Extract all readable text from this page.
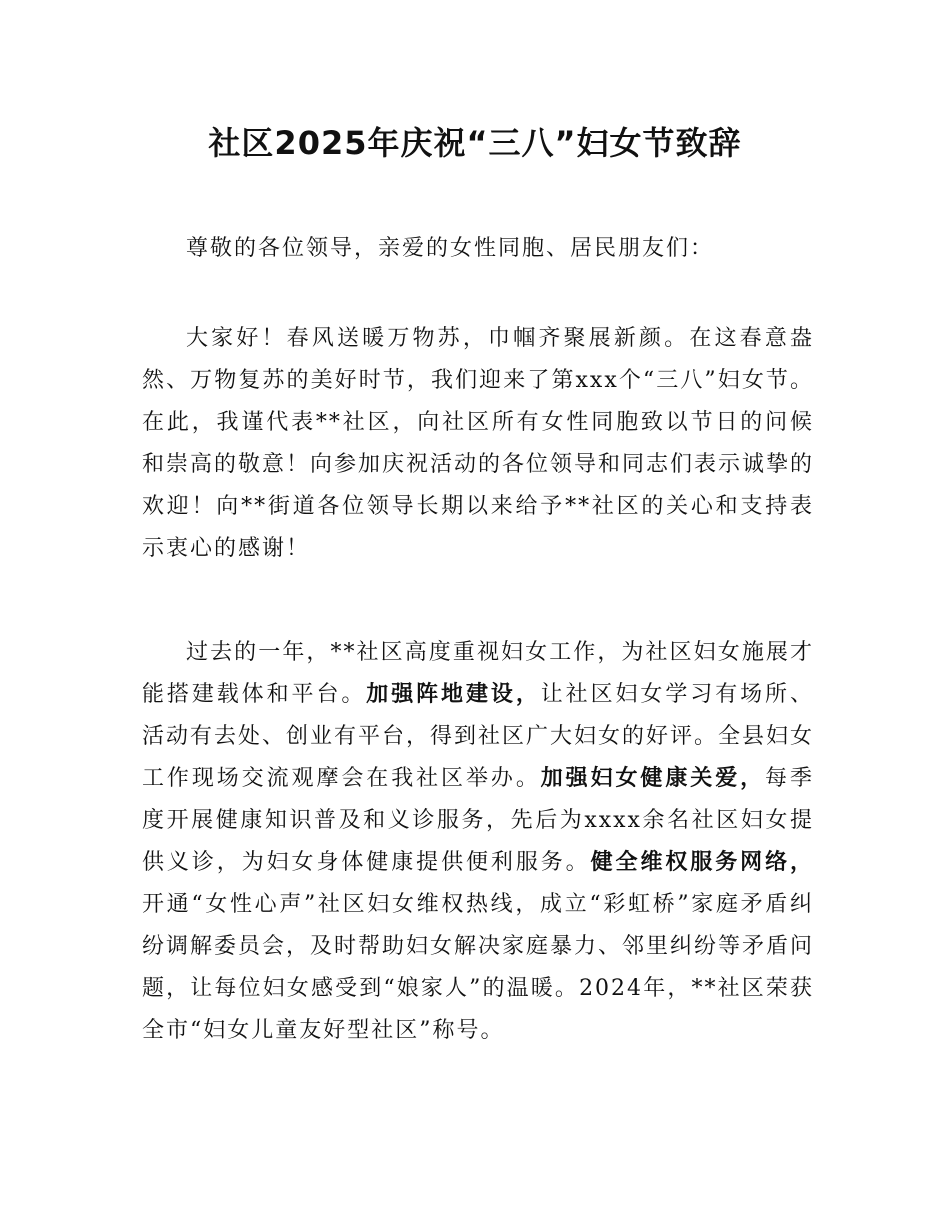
社区2025年庆祝“三八”妇女节致辞

尊敬的各位领导，亲爱的女性同胞、居民朋友们：

大家好！春风送暖万物苏，巾帼齐聚展新颜。在这春意盎然、万物复苏的美好时节，我们迎来了第xxx个“三八”妇女节。在此，我谨代表**社区，向社区所有女性同胞致以节日的问候和崇高的敬意！向参加庆祝活动的各位领导和同志们表示诚挚的欢迎！向**街道各位领导长期以来给予**社区的关心和支持表示衷心的感谢！

过去的一年，**社区高度重视妇女工作，为社区妇女施展才能搭建载体和平台。加强阵地建设，让社区妇女学习有场所、活动有去处、创业有平台，得到社区广大妇女的好评。全县妇女工作现场交流观摩会在我社区举办。加强妇女健康关爱，每季度开展健康知识普及和义诊服务，先后为xxxx余名社区妇女提供义诊，为妇女身体健康提供便利服务。健全维权服务网络，开通“女性心声”社区妇女维权热线，成立“彩虹桥”家庭矛盾纠纷调解委员会，及时帮助妇女解决家庭暴力、邻里纠纷等矛盾问题，让每位妇女感受到“娘家人”的温暖。2024年，**社区荣获全市“妇女儿童友好型社区”称号。
